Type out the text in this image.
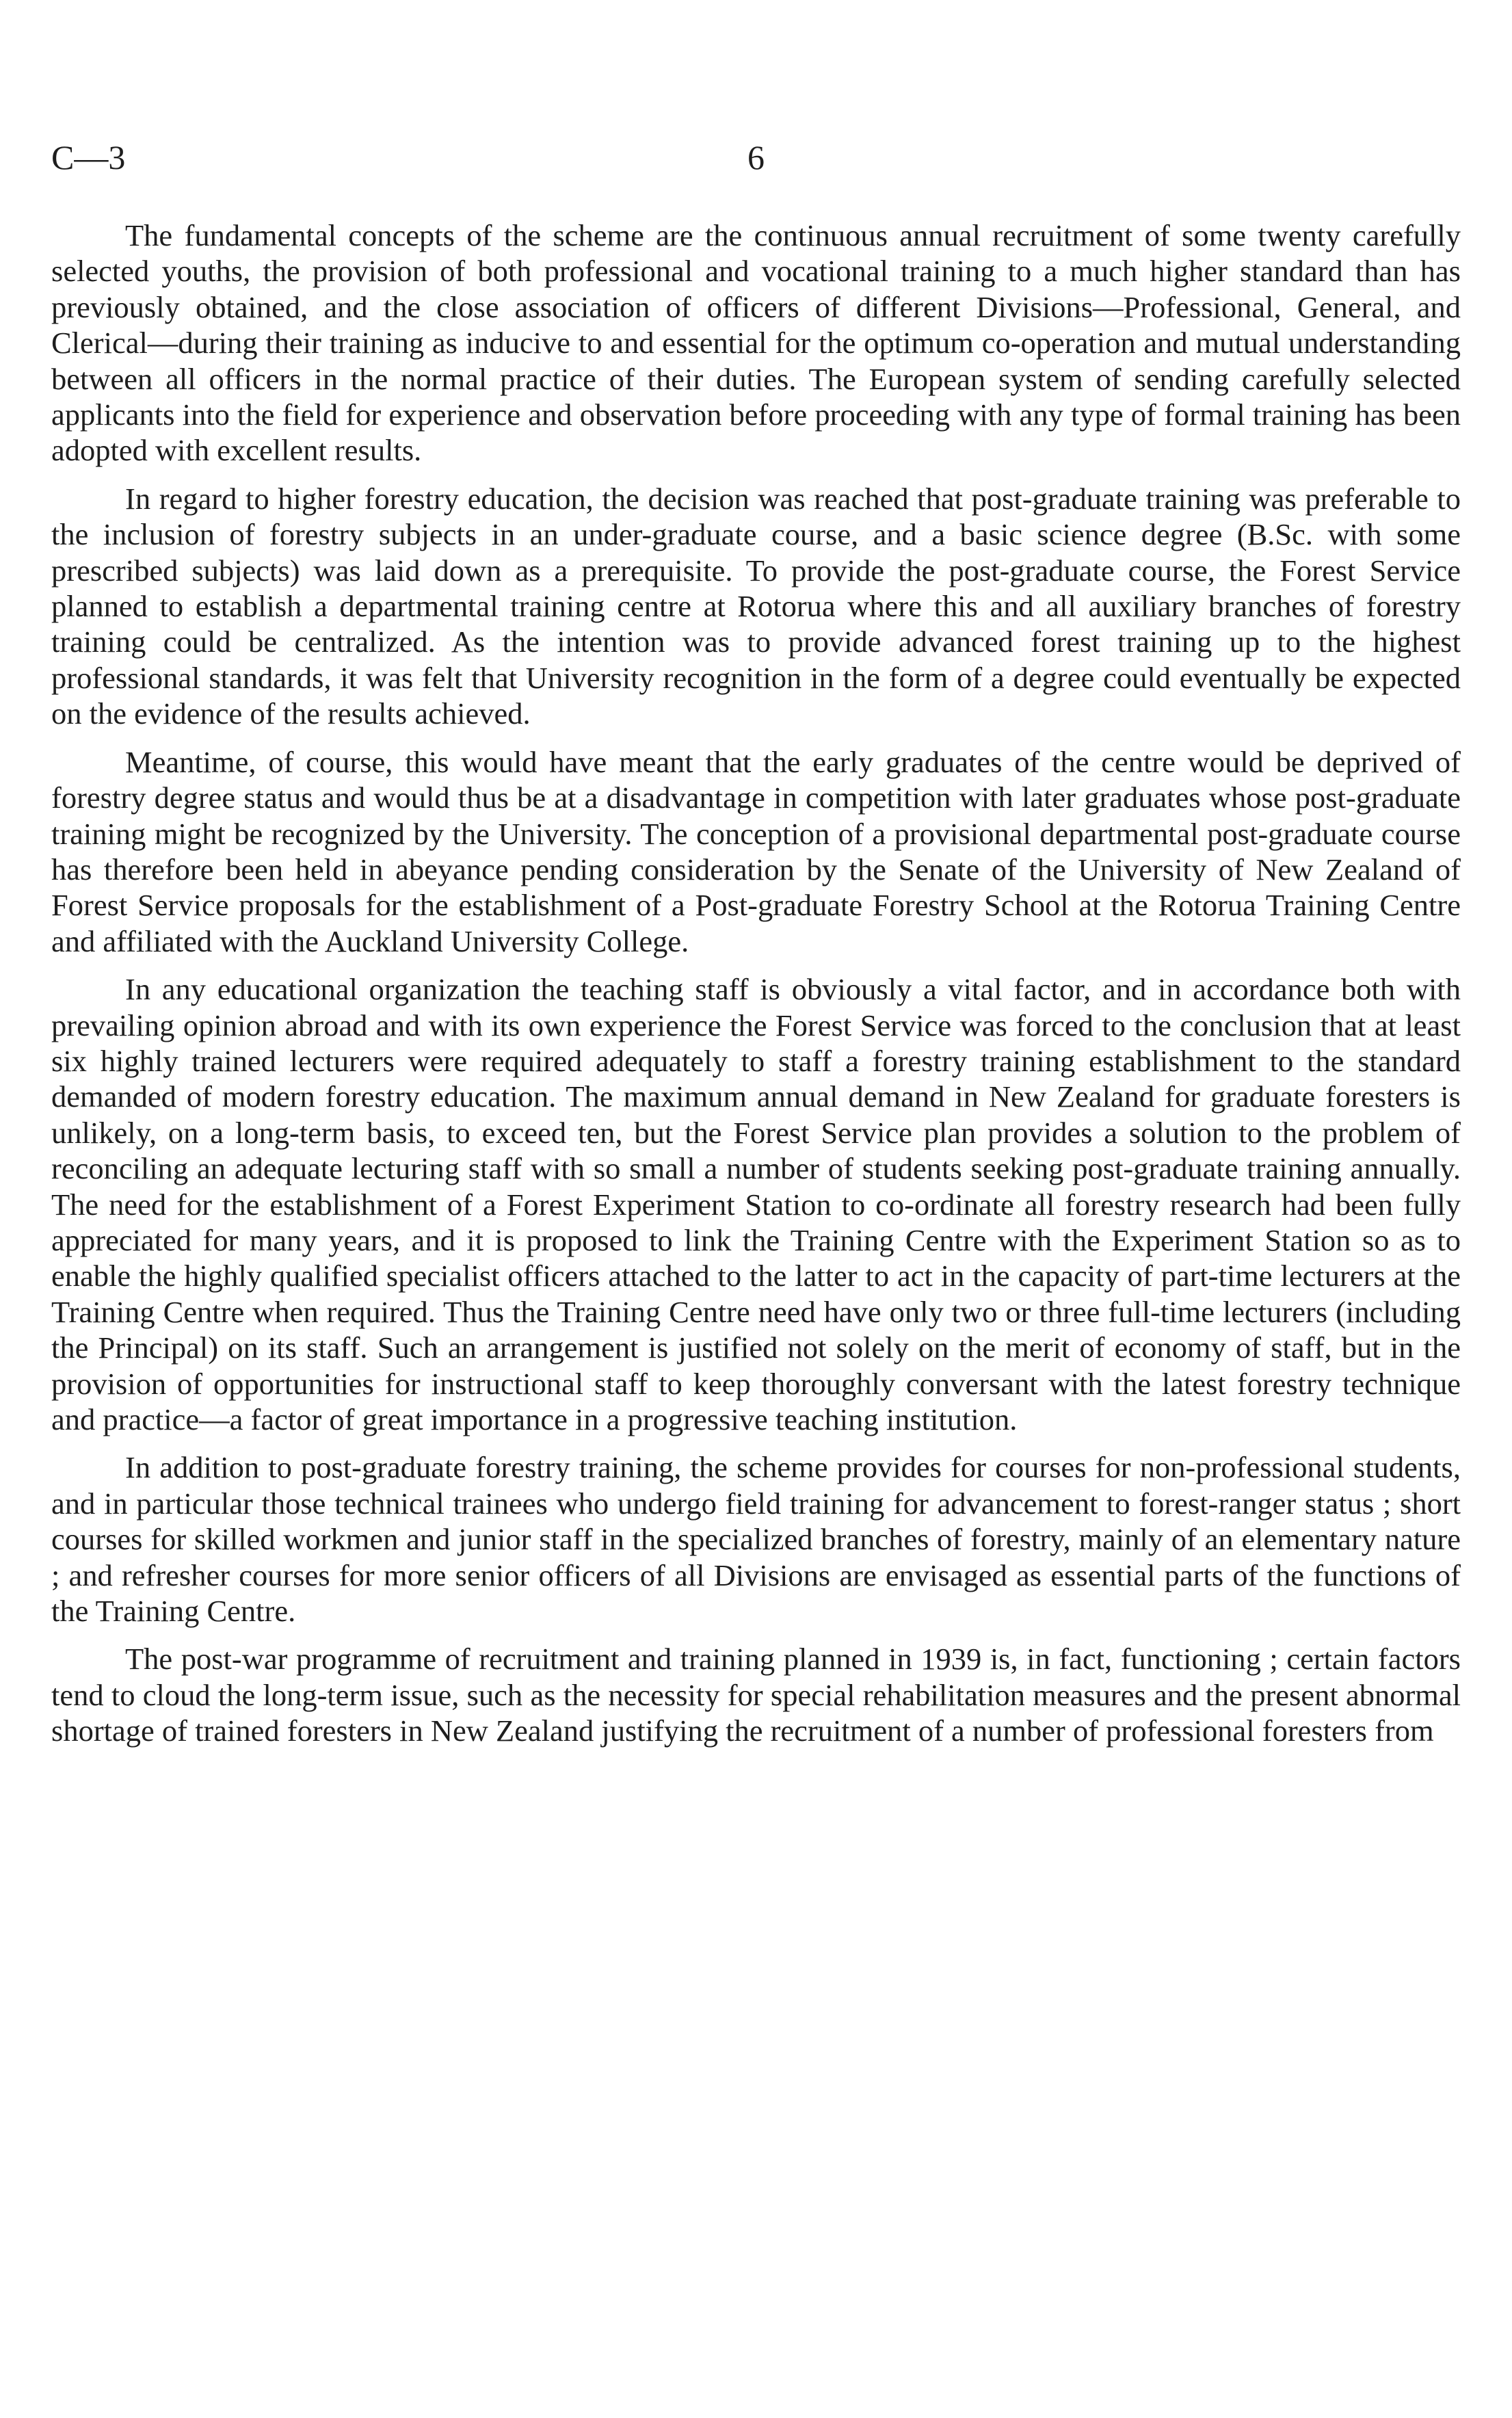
C—3	6

The fundamental concepts of the scheme are the continuous annual recruitment of some twenty carefully selected youths, the provision of both professional and vocational training to a much higher standard than has previously obtained, and the close association of officers of different Divisions—Professional, General, and Clerical—during their training as inducive to and essential for the optimum co-operation and mutual understanding between all officers in the normal practice of their duties. The European system of sending carefully selected applicants into the field for experience and observation before proceeding with any type of formal training has been adopted with excellent results.

In regard to higher forestry education, the decision was reached that post-graduate training was preferable to the inclusion of forestry subjects in an under-graduate course, and a basic science degree (B.Sc. with some prescribed subjects) was laid down as a prerequisite. To provide the post-graduate course, the Forest Service planned to establish a departmental training centre at Rotorua where this and all auxiliary branches of forestry training could be centralized. As the intention was to provide advanced forest training up to the highest professional standards, it was felt that University recognition in the form of a degree could eventually be expected on the evidence of the results achieved.

Meantime, of course, this would have meant that the early graduates of the centre would be deprived of forestry degree status and would thus be at a disadvantage in competition with later graduates whose post-graduate training might be recognized by the University. The conception of a provisional departmental post-graduate course has therefore been held in abeyance pending consideration by the Senate of the University of New Zealand of Forest Service proposals for the establishment of a Post-graduate Forestry School at the Rotorua Training Centre and affiliated with the Auckland University College.

In any educational organization the teaching staff is obviously a vital factor, and in accordance both with prevailing opinion abroad and with its own experience the Forest Service was forced to the conclusion that at least six highly trained lecturers were required adequately to staff a forestry training establishment to the standard demanded of modern forestry education. The maximum annual demand in New Zealand for graduate foresters is unlikely, on a long-term basis, to exceed ten, but the Forest Service plan provides a solution to the problem of reconciling an adequate lecturing staff with so small a number of students seeking post-graduate training annually. The need for the establishment of a Forest Experiment Station to co-ordinate all forestry research had been fully appreciated for many years, and it is proposed to link the Training Centre with the Experiment Station so as to enable the highly qualified specialist officers attached to the latter to act in the capacity of part-time lecturers at the Training Centre when required. Thus the Training Centre need have only two or three full-time lecturers (including the Principal) on its staff. Such an arrangement is justified not solely on the merit of economy of staff, but in the provision of opportunities for instructional staff to keep thoroughly conversant with the latest forestry technique and practice—a factor of great importance in a progressive teaching institution.

In addition to post-graduate forestry training, the scheme provides for courses for non-professional students, and in particular those technical trainees who undergo field training for advancement to forest-ranger status ; short courses for skilled workmen and junior staff in the specialized branches of forestry, mainly of an elementary nature ; and refresher courses for more senior officers of all Divisions are envisaged as essential parts of the functions of the Training Centre.

The post-war programme of recruitment and training planned in 1939 is, in fact, functioning ; certain factors tend to cloud the long-term issue, such as the necessity for special rehabilitation measures and the present abnormal shortage of trained foresters in New Zealand justifying the recruitment of a number of professional foresters from
